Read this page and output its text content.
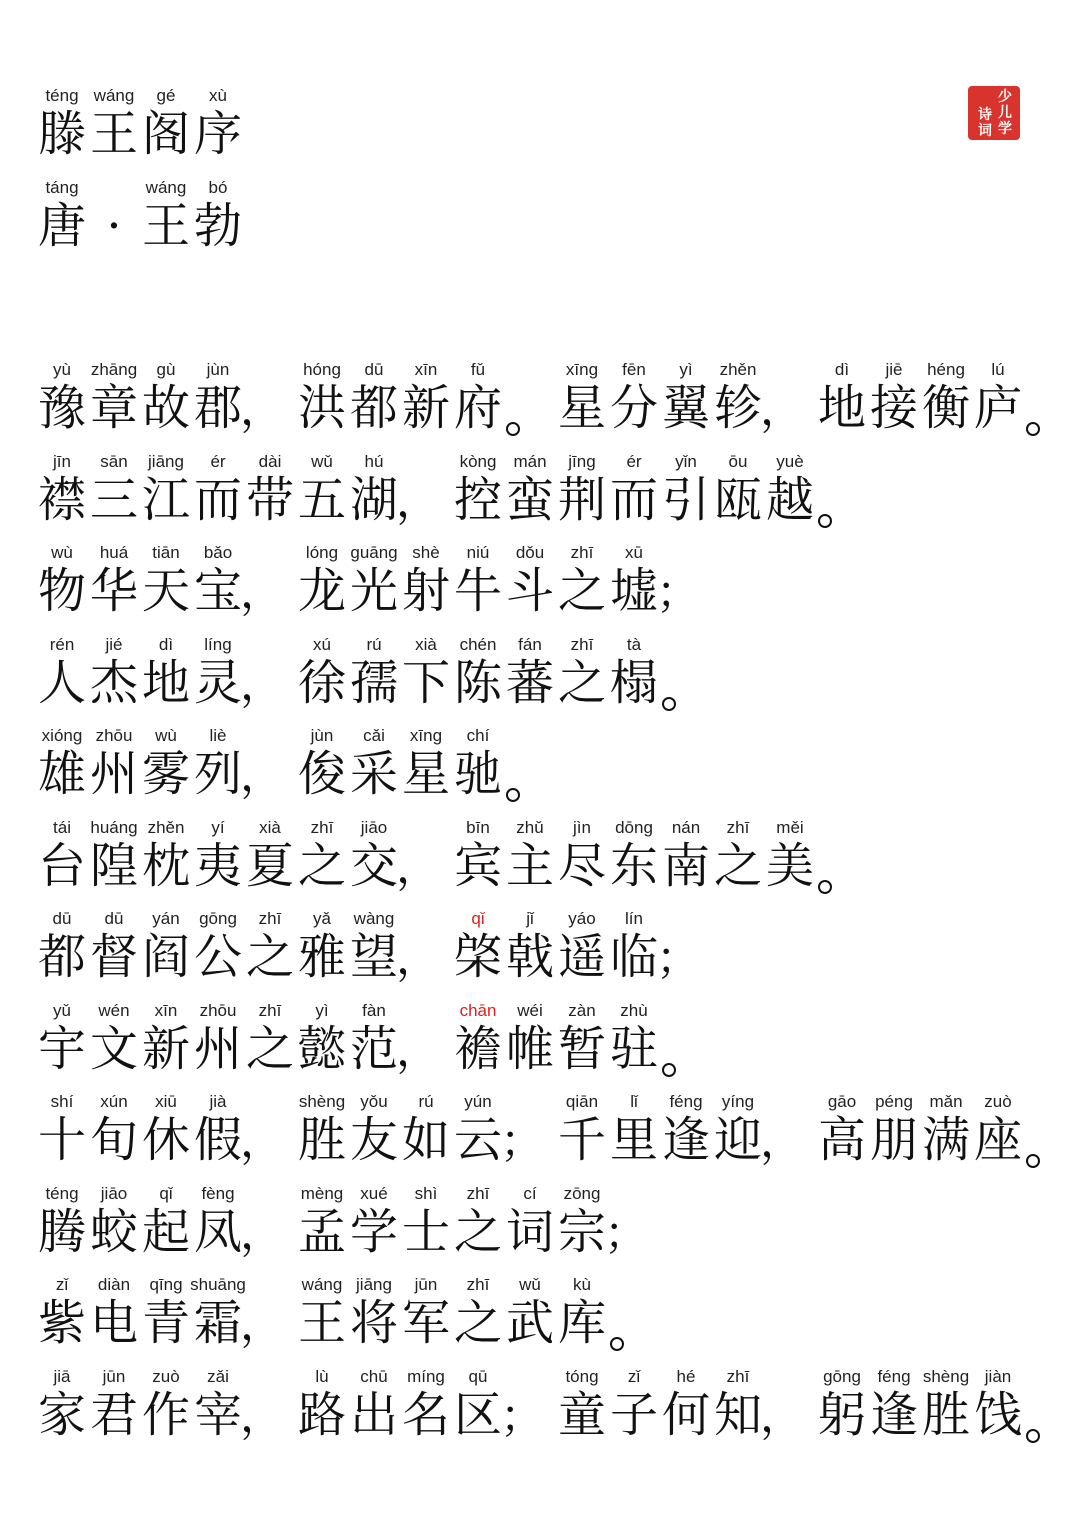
téng
滕
wáng
王
gé
阁
xù
序
táng
唐 ·
wáng
王
bó
勃
少
儿
诗
学
词
yù
豫
zhāng
章
gù
故
jùn
郡
，
hóng
洪
dū
都
xīn
新
fǔ
府
xīng
星
fēn
分
yì
翼
zhěn
轸
，
dì
地
jiē
接
héng
衡
lú
庐
jīn
襟
sān
三
jiāng
江
ér
而
dài
带
wǔ
五
hú
湖
，
kòng
控
mán
蛮
jīng
荆
ér
而
yǐn
引
ōu
瓯
yuè
越
wù
物
huá
华
tiān
天
bǎo
宝
，
lóng
龙
guāng
光
shè
射
niú
牛
dǒu
斗
zhī
之
xū
墟
；
rén
人
jié
杰
dì
地
líng
灵
，
xú
徐
rú
孺
xià
下
chén
陈
fán
蕃
zhī
之
tà
榻
xióng
雄
zhōu
州
wù
雾
liè
列
，
jùn
俊
cǎi
采
xīng
星
chí
驰
tái
台
huáng
隍
zhěn
枕
yí
夷
xià
夏
zhī
之
jiāo
交
，
bīn
宾
zhǔ
主
jìn
尽
dōng
东
nán
南
zhī
之
měi
美
dū
都
dū
督
yán
阎
gōng
公
zhī
之
yǎ
雅
wàng
望
，
qǐ
棨
jǐ
戟
yáo
遥
lín
临
；
yǔ
宇
wén
文
xīn
新
zhōu
州
zhī
之
yì
懿
fàn
范
，
chān
襜
wéi
帷
zàn
暂
zhù
驻
shí
十
xún
旬
xiū
休
jià
假
，
shèng
胜
yǒu
友
rú
如
yún
云
；
qiān
千
lǐ
里
féng
逢
yíng
迎
，
gāo
高
péng
朋
mǎn
满
zuò
座
téng
腾
jiāo
蛟
qǐ
起
fèng
凤
，
mèng
孟
xué
学
shì
士
zhī
之
cí
词
zōng
宗
；
zǐ
紫
diàn
电
qīng
青
shuāng
霜
，
wáng
王
jiāng
将
jūn
军
zhī
之
wǔ
武
kù
库
jiā
家
jūn
君
zuò
作
zǎi
宰
，
lù
路
chū
出
míng
名
qū
区
；
tóng
童
zǐ
子
hé
何
zhī
知
，
gōng
躬
féng
逢
shèng
胜
jiàn
饯
